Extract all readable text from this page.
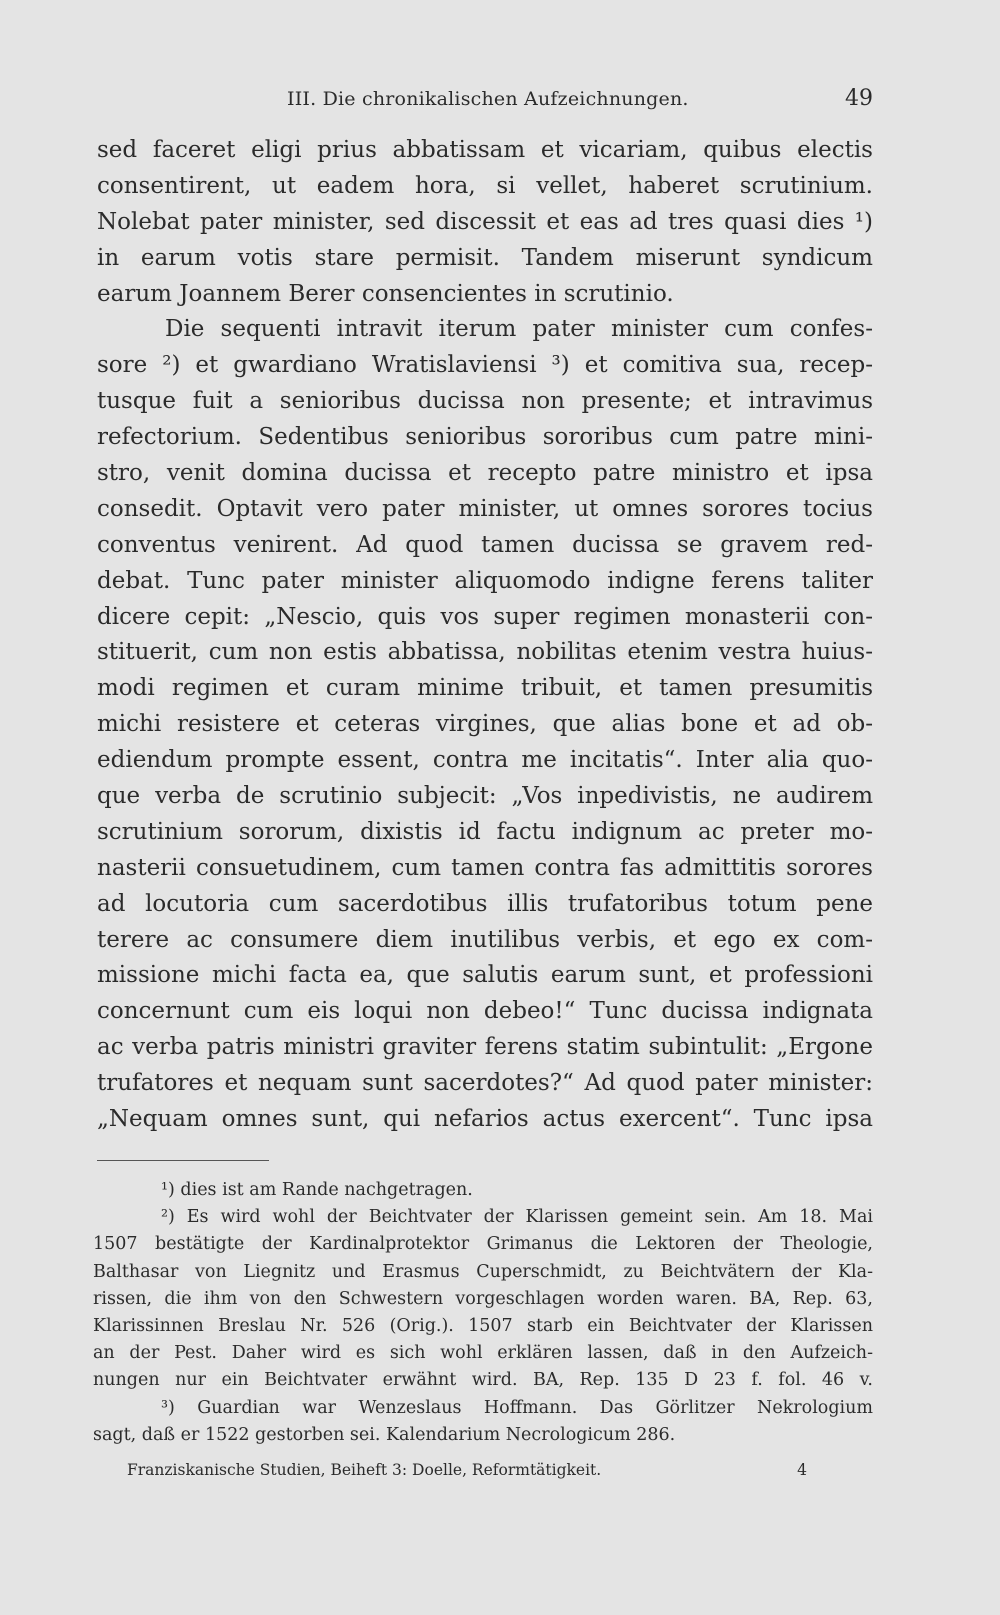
III. Die chronikalischen Aufzeichnungen.	49
sed faceret eligi prius abbatissam et vicariam, quibus electis
consentirent, ut eadem hora, si vellet, haberet scrutinium.
Nolebat pater minister, sed discessit et eas ad tres quasi dies ¹)
in earum votis stare permisit. Tandem miserunt syndicum
earum Joannem Berer consencientes in scrutinio.
Die sequenti intravit iterum pater minister cum confes-
sore ²) et gwardiano Wratislaviensi ³) et comitiva sua, recep-
tusque fuit a senioribus ducissa non presente; et intravimus
refectorium. Sedentibus senioribus sororibus cum patre mini-
stro, venit domina ducissa et recepto patre ministro et ipsa
consedit. Optavit vero pater minister, ut omnes sorores tocius
conventus venirent. Ad quod tamen ducissa se gravem red-
debat. Tunc pater minister aliquomodo indigne ferens taliter
dicere cepit: „Nescio, quis vos super regimen monasterii con-
stituerit, cum non estis abbatissa, nobilitas etenim vestra huius-
modi regimen et curam minime tribuit, et tamen presumitis
michi resistere et ceteras virgines, que alias bone et ad ob-
ediendum prompte essent, contra me incitatis“. Inter alia quo-
que verba de scrutinio subjecit: „Vos inpedivistis, ne audirem
scrutinium sororum, dixistis id factu indignum ac preter mo-
nasterii consuetudinem, cum tamen contra fas admittitis sorores
ad locutoria cum sacerdotibus illis trufatoribus totum pene
terere ac consumere diem inutilibus verbis, et ego ex com-
missione michi facta ea, que salutis earum sunt, et professioni
concernunt cum eis loqui non debeo!“ Tunc ducissa indignata
ac verba patris ministri graviter ferens statim subintulit: „Ergone
trufatores et nequam sunt sacerdotes?“ Ad quod pater minister:
„Nequam omnes sunt, qui nefarios actus exercent“. Tunc ipsa
¹) dies ist am Rande nachgetragen.
²) Es wird wohl der Beichtvater der Klarissen gemeint sein. Am 18. Mai
1507 bestätigte der Kardinalprotektor Grimanus die Lektoren der Theologie,
Balthasar von Liegnitz und Erasmus Cuperschmidt, zu Beichtvätern der Kla-
rissen, die ihm von den Schwestern vorgeschlagen worden waren. BA, Rep. 63,
Klarissinnen Breslau Nr. 526 (Orig.). 1507 starb ein Beichtvater der Klarissen
an der Pest. Daher wird es sich wohl erklären lassen, daß in den Aufzeich-
nungen nur ein Beichtvater erwähnt wird. BA, Rep. 135 D 23 f. fol. 46 v.
³) Guardian war Wenzeslaus Hoffmann. Das Görlitzer Nekrologium
sagt, daß er 1522 gestorben sei. Kalendarium Necrologicum 286.
Franziskanische Studien, Beiheft 3: Doelle, Reformtätigkeit.	4
